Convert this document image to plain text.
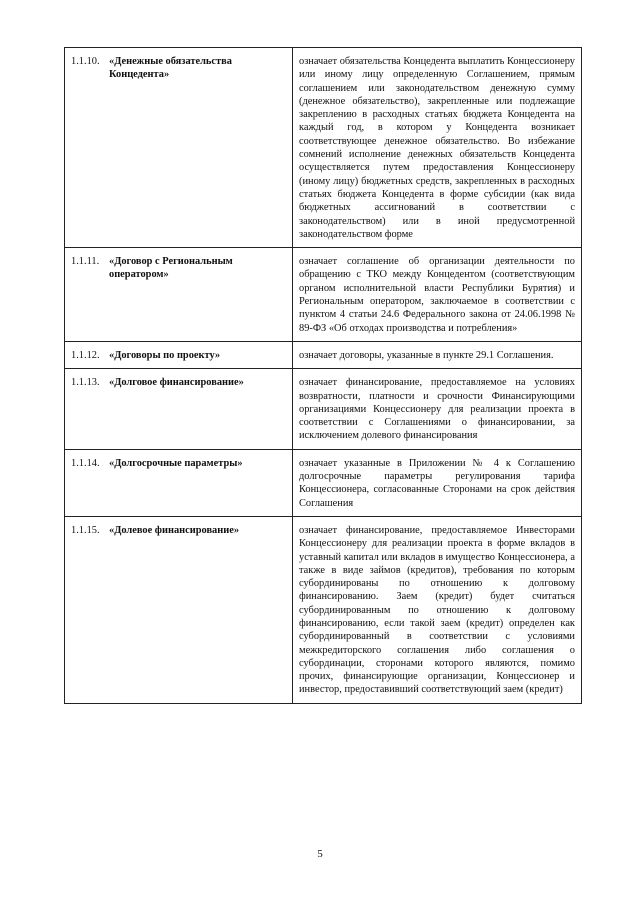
1.1.10. «Денежные обязательства Концедента»	означает обязательства Концедента выплатить Концессионеру или иному лицу определенную Соглашением, прямым соглашением или законодательством денежную сумму (денежное обязательство), закрепленные или подлежащие закреплению в расходных статьях бюджета Концедента на каждый год, в котором у Концедента возникает соответствующее денежное обязательство. Во избежание сомнений исполнение денежных обязательств Концедента осуществляется путем предоставления Концессионеру (иному лицу) бюджетных средств, закрепленных в расходных статьях бюджета Концедента в форме субсидии (как вида бюджетных ассигнований в соответствии с законодательством) или в иной предусмотренной законодательством форме

1.1.11. «Договор с Региональным оператором»	означает соглашение об организации деятельности по обращению с ТКО между Концедентом (соответствующим органом исполнительной власти Республики Бурятия) и Региональным оператором, заключаемое в соответствии с пунктом 4 статьи 24.6 Федерального закона от 24.06.1998 № 89-ФЗ «Об отходах производства и потребления»

1.1.12. «Договоры по проекту»	означает договоры, указанные в пункте 29.1 Соглашения.

1.1.13. «Долговое финансирование»	означает финансирование, предоставляемое на условиях возвратности, платности и срочности Финансирующими организациями Концессионеру для реализации проекта в соответствии с Соглашениями о финансировании, за исключением долевого финансирования

1.1.14. «Долгосрочные параметры»	означает указанные в Приложении № 4 к Соглашению долгосрочные параметры регулирования тарифа Концессионера, согласованные Сторонами на срок действия Соглашения

1.1.15. «Долевое финансирование»	означает финансирование, предоставляемое Инвесторами Концессионеру для реализации проекта в форме вкладов в уставный капитал или вкладов в имущество Концессионера, а также в виде займов (кредитов), требования по которым субординированы по отношению к долговому финансированию. Заем (кредит) будет считаться субординированным по отношению к долговому финансированию, если такой заем (кредит) определен как субординированный в соответствии с условиями межкредиторского соглашения либо соглашения о субординации, сторонами которого являются, помимо прочих, финансирующие организации, Концессионер и инвестор, предоставивший соответствующий заем (кредит)

5
